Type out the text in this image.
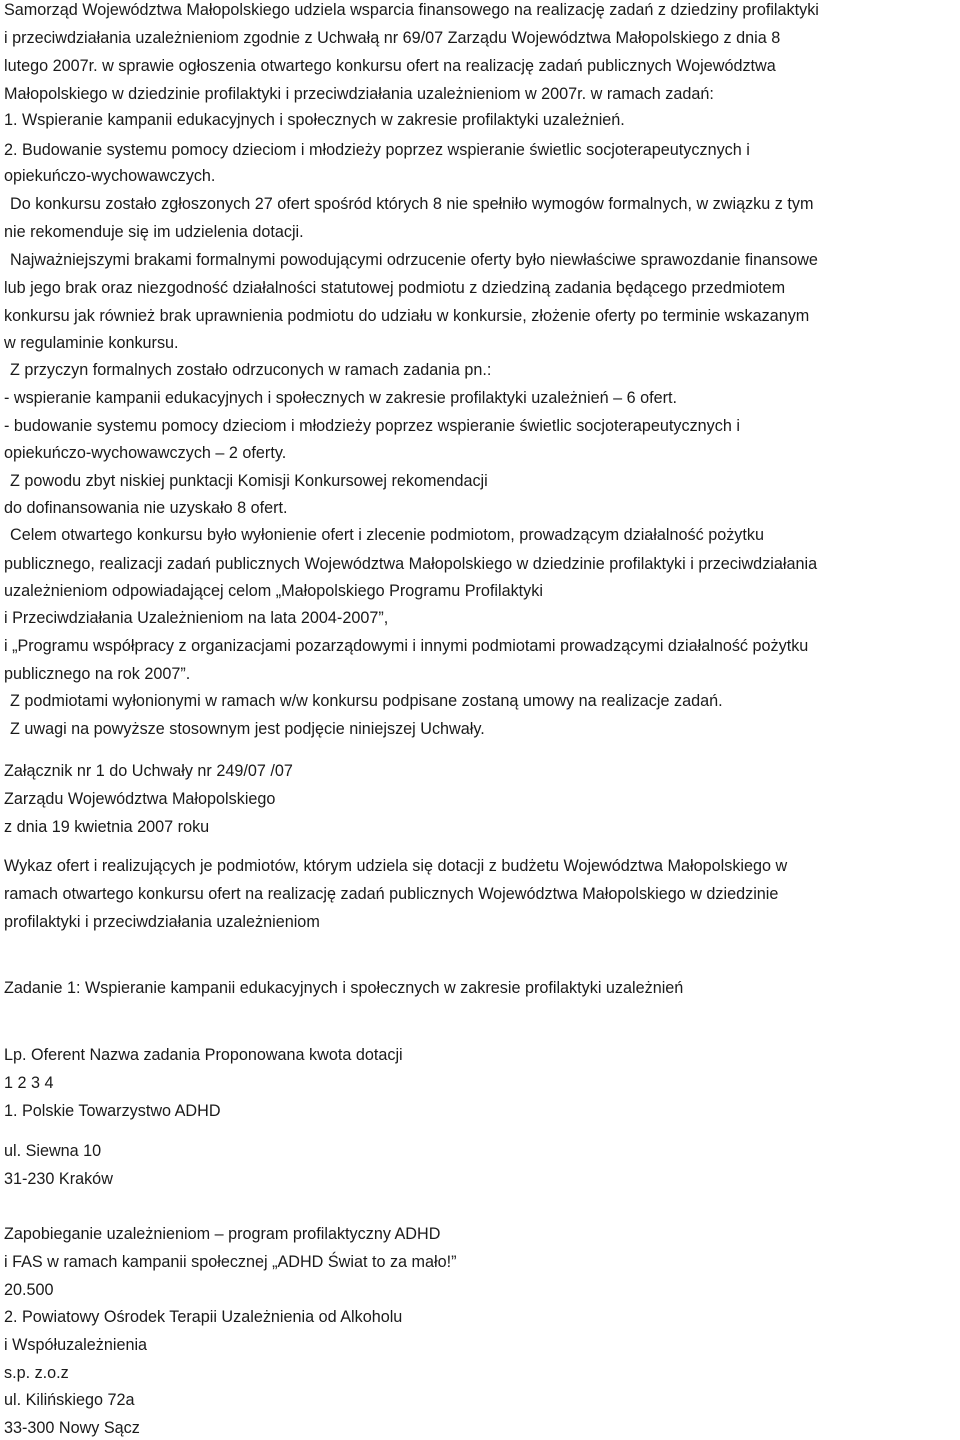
Samorząd Województwa Małopolskiego udziela wsparcia finansowego na realizację zadań z dziedziny profilaktyki
i przeciwdziałania uzależnieniom zgodnie z Uchwałą nr 69/07 Zarządu Województwa Małopolskiego z dnia 8
lutego 2007r. w sprawie ogłoszenia otwartego konkursu ofert na realizację zadań publicznych Województwa
Małopolskiego w dziedzinie profilaktyki i przeciwdziałania uzależnieniom w 2007r. w ramach zadań:
1. Wspieranie kampanii edukacyjnych i społecznych w zakresie profilaktyki uzależnień.
2. Budowanie systemu pomocy dzieciom i młodzieży poprzez wspieranie świetlic socjoterapeutycznych i
opiekuńczo-wychowawczych.
Do konkursu zostało zgłoszonych 27 ofert spośród których 8 nie spełniło wymogów formalnych, w związku z tym
nie rekomenduje się im udzielenia dotacji.
Najważniejszymi brakami formalnymi powodującymi odrzucenie oferty było niewłaściwe sprawozdanie finansowe
lub jego brak oraz niezgodność działalności statutowej podmiotu z dziedziną zadania będącego przedmiotem
konkursu jak również brak uprawnienia podmiotu do udziału w konkursie, złożenie oferty po terminie wskazanym
w regulaminie konkursu.
Z przyczyn formalnych zostało odrzuconych w ramach zadania pn.:
- wspieranie kampanii edukacyjnych i społecznych w zakresie profilaktyki uzależnień – 6 ofert.
- budowanie systemu pomocy dzieciom i młodzieży poprzez wspieranie świetlic socjoterapeutycznych i
opiekuńczo-wychowawczych – 2 oferty.
Z powodu zbyt niskiej punktacji Komisji Konkursowej rekomendacji
do dofinansowania nie uzyskało 8 ofert.
Celem otwartego konkursu było wyłonienie ofert i zlecenie podmiotom, prowadzącym działalność pożytku
publicznego, realizacji zadań publicznych Województwa Małopolskiego w dziedzinie profilaktyki i przeciwdziałania
uzależnieniom odpowiadającej celom „Małopolskiego Programu Profilaktyki
i Przeciwdziałania Uzależnieniom na lata 2004-2007”,
i „Programu współpracy z organizacjami pozarządowymi i innymi podmiotami prowadzącymi działalność pożytku
publicznego na rok 2007”.
Z podmiotami wyłonionymi w ramach w/w konkursu podpisane zostaną umowy na realizacje zadań.
Z uwagi na powyższe stosownym jest podjęcie niniejszej Uchwały.
Załącznik nr 1 do Uchwały nr 249/07 /07
Zarządu Województwa Małopolskiego
z dnia 19 kwietnia 2007 roku
Wykaz ofert i realizujących je podmiotów, którym udziela się dotacji z budżetu Województwa Małopolskiego w
ramach otwartego konkursu ofert na realizację zadań publicznych Województwa Małopolskiego w dziedzinie
profilaktyki i przeciwdziałania uzależnieniom
Zadanie 1: Wspieranie kampanii edukacyjnych i społecznych w zakresie profilaktyki uzależnień
Lp. Oferent Nazwa zadania Proponowana kwota dotacji
1 2 3 4
1. Polskie Towarzystwo ADHD
ul. Siewna 10
31-230 Kraków
Zapobieganie uzależnieniom – program profilaktyczny ADHD
i FAS w ramach kampanii społecznej „ADHD Świat to za mało!”
20.500
2. Powiatowy Ośrodek Terapii Uzależnienia od Alkoholu
i Współuzależnienia
s.p. z.o.z
ul. Kilińskiego 72a
33-300 Nowy Sącz
